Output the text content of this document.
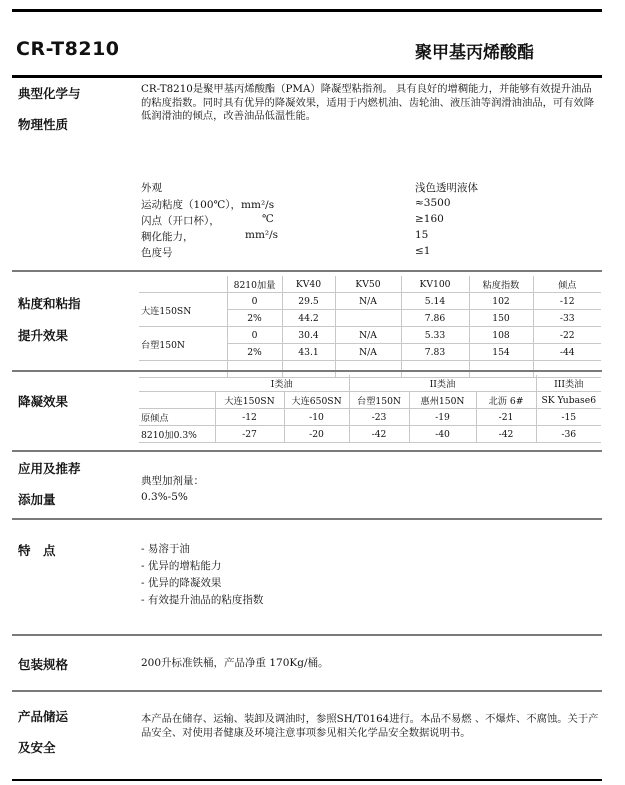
CR-T8210	聚甲基丙烯酸酯
典型化学与
物理性质
CR-T8210是聚甲基丙烯酸酯（PMA）降凝型粘指剂。 具有良好的增稠能力，并能够有效提升油品的粘度指数。同时具有优异的降凝效果，适用于内燃机油、齿轮油、液压油等润滑油油品，可有效降低润滑油的倾点，改善油品低温性能。
外观	浅色透明液体
运动粘度（100℃），mm²/s	≈3500
闪点（开口杯），	℃	≥160
稠化能力，	mm²/s	15
色度号	≤1
粘度和粘指
提升效果
	8210加量	KV40	KV50	KV100	粘度指数	倾点
大连150SN	0	29.5	N/A	5.14	102	-12
	2%	44.2		7.86	150	-33
台塑150N	0	30.4	N/A	5.33	108	-22
	2%	43.1	N/A	7.83	154	-44

降凝效果
	I类油		II类油			III类油
	大连150SN	大连650SN	台塑150N	惠州150N	北沥 6#	SK Yubase6
原倾点	-12	-10	-23	-19	-21	-15
8210加0.3%	-27	-20	-42	-40	-42	-36
应用及推荐
添加量
典型加剂量：
0.3%-5%
特　点	- 易溶于油
- 优异的增粘能力
- 优异的降凝效果
- 有效提升油品的粘度指数
包装规格	200升标准铁桶，产品净重 170Kg/桶。
产品储运
及安全
本产品在储存、运输、装卸及调油时，参照SH/T0164进行。本品不易燃 、不爆炸、不腐蚀。关于产品安全、对使用者健康及环境注意事项参见相关化学品安全数据说明书。
